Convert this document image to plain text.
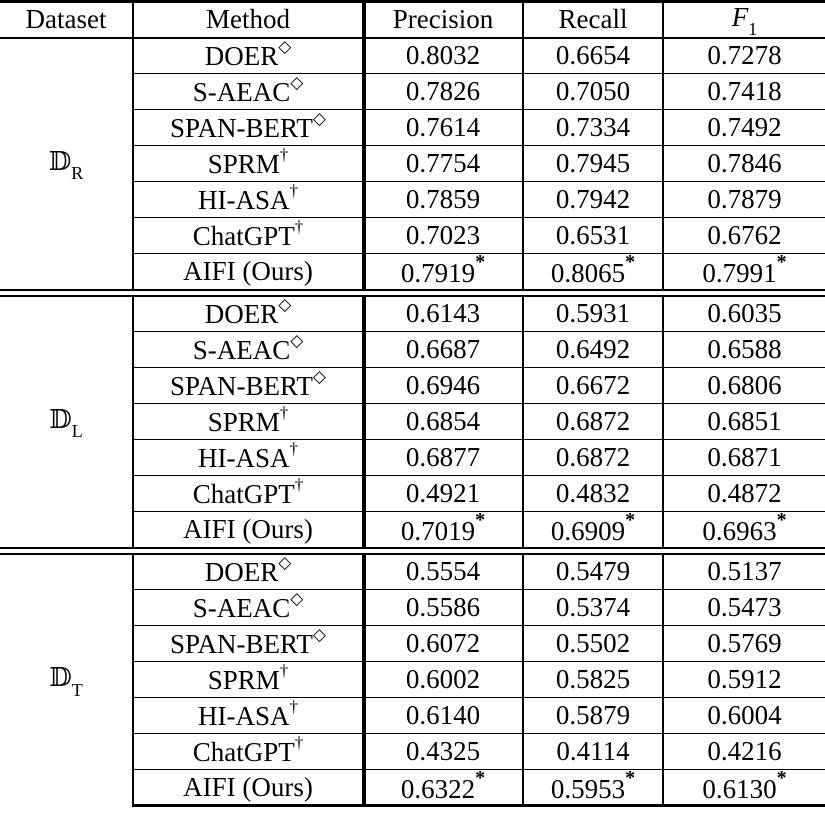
Dataset	Method	Precision	Recall	$F_1$
𝔻$_R$	DOER◇	0.8032	0.6654	0.7278
	S-AEAC◇	0.7826	0.7050	0.7418
	SPAN-BERT◇	0.7614	0.7334	0.7492
	SPRM†	0.7754	0.7945	0.7846
	HI-ASA†	0.7859	0.7942	0.7879
	ChatGPT†	0.7023	0.6531	0.6762
	AIFI (Ours)	0.7919*	0.8065*	0.7991*

𝔻$_L$	DOER◇	0.6143	0.5931	0.6035
	S-AEAC◇	0.6687	0.6492	0.6588
	SPAN-BERT◇	0.6946	0.6672	0.6806
	SPRM†	0.6854	0.6872	0.6851
	HI-ASA†	0.6877	0.6872	0.6871
	ChatGPT†	0.4921	0.4832	0.4872
	AIFI (Ours)	0.7019*	0.6909*	0.6963*

𝔻$_T$	DOER◇	0.5554	0.5479	0.5137
	S-AEAC◇	0.5586	0.5374	0.5473
	SPAN-BERT◇	0.6072	0.5502	0.5769
	SPRM†	0.6002	0.5825	0.5912
	HI-ASA†	0.6140	0.5879	0.6004
	ChatGPT†	0.4325	0.4114	0.4216
	AIFI (Ours)	0.6322*	0.5953*	0.6130*
